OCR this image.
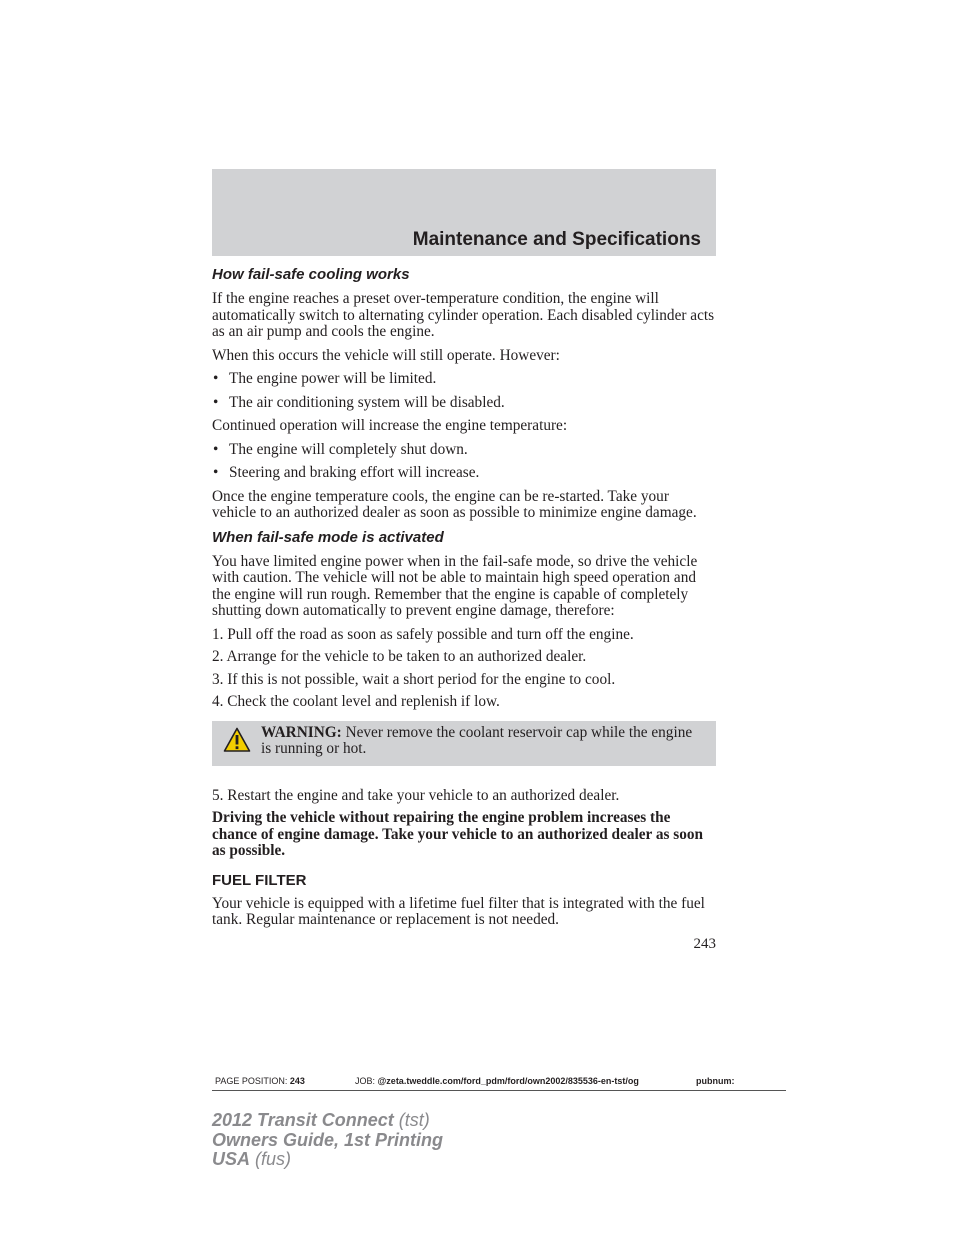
Maintenance and Specifications
How fail-safe cooling works

If the engine reaches a preset over-temperature condition, the engine will automatically switch to alternating cylinder operation. Each disabled cylinder acts as an air pump and cools the engine.

When this occurs the vehicle will still operate. However:

• The engine power will be limited.
• The air conditioning system will be disabled.

Continued operation will increase the engine temperature:

• The engine will completely shut down.
• Steering and braking effort will increase.

Once the engine temperature cools, the engine can be re-started. Take your vehicle to an authorized dealer as soon as possible to minimize engine damage.

When fail-safe mode is activated

You have limited engine power when in the fail-safe mode, so drive the vehicle with caution. The vehicle will not be able to maintain high speed operation and the engine will run rough. Remember that the engine is capable of completely shutting down automatically to prevent engine damage, therefore:

1. Pull off the road as soon as safely possible and turn off the engine.
2. Arrange for the vehicle to be taken to an authorized dealer.
3. If this is not possible, wait a short period for the engine to cool.
4. Check the coolant level and replenish if low.
WARNING: Never remove the coolant reservoir cap while the engine is running or hot.
5. Restart the engine and take your vehicle to an authorized dealer.

Driving the vehicle without repairing the engine problem increases the chance of engine damage. Take your vehicle to an authorized dealer as soon as possible.

FUEL FILTER

Your vehicle is equipped with a lifetime fuel filter that is integrated with the fuel tank. Regular maintenance or replacement is not needed.

243
PAGE POSITION: 243	JOB: @zeta.tweddle.com/ford_pdm/ford/own2002/835536-en-tst/og	pubnum:
2012 Transit Connect (tst)
Owners Guide, 1st Printing
USA (fus)
